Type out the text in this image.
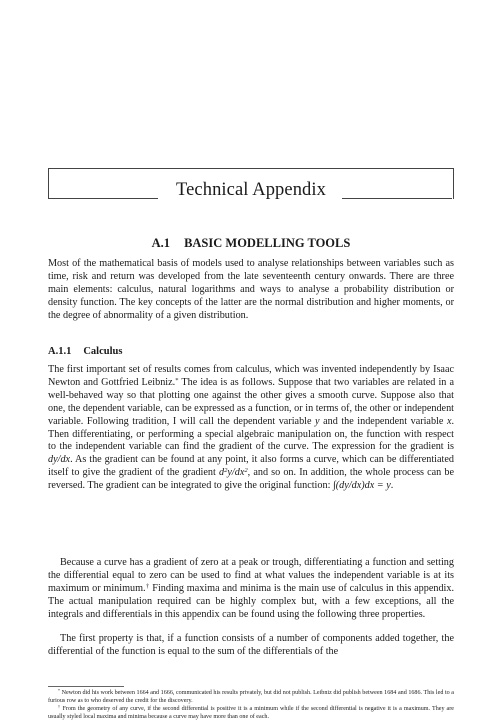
Technical Appendix
A.1 BASIC MODELLING TOOLS

Most of the mathematical basis of models used to analyse relationships between variables such as time, risk and return was developed from the late seventeenth century onwards. There are three main elements: calculus, natural logarithms and ways to analyse a probability distribution or density function. The key concepts of the latter are the normal distribution and higher moments, or the degree of abnormality of a given distribution.

A.1.1 Calculus

The first important set of results comes from calculus, which was invented independently by Isaac Newton and Gottfried Leibniz.* The idea is as follows. Suppose that two variables are related in a well-behaved way so that plotting one against the other gives a smooth curve. Suppose also that one, the dependent variable, can be expressed as a function, or in terms of, the other or independent variable. Following tradition, I will call the dependent variable y and the independent variable x. Then differentiating, or performing a special algebraic manipulation on, the function with respect to the independent variable can find the gradient of the curve. The expression for the gradient is dy/dx. As the gradient can be found at any point, it also forms a curve, which can be differentiated itself to give the gradient of the gradient $d^2y/dx^2$, and so on. In addition, the whole process can be reversed. The gradient can be integrated to give the original function: ∫(dy/dx)dx = y.

Because a curve has a gradient of zero at a peak or trough, differentiating a function and setting the differential equal to zero can be used to find at what values the independent variable is at its maximum or minimum.† Finding maxima and minima is the main use of calculus in this appendix. The actual manipulation required can be highly complex but, with a few exceptions, all the integrals and differentials in this appendix can be found using the following three properties.

The first property is that, if a function consists of a number of components added together, the differential of the function is equal to the sum of the differentials of the

* Newton did his work between 1664 and 1666, communicated his results privately, but did not publish. Leibniz did publish between 1684 and 1686. This led to a furious row as to who deserved the credit for the discovery.

† From the geometry of any curve, if the second differential is positive it is a minimum while if the second differential is negative it is a maximum. They are usually styled local maxima and minima because a curve may have more than one of each.
